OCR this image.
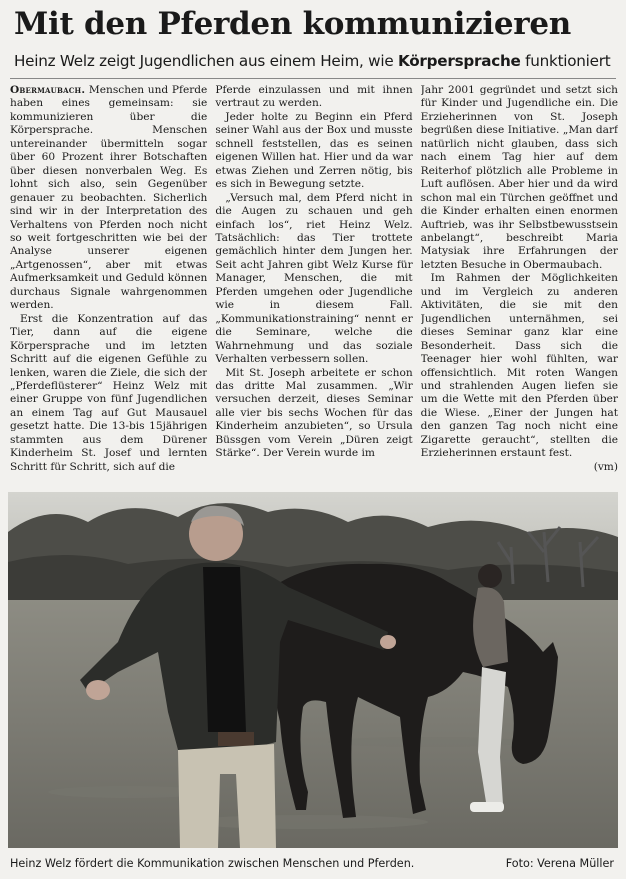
Mit den Pferden kommunizieren
Heinz Welz zeigt Jugendlichen aus einem Heim, wie Körpersprache funktioniert

Obermaubach. Menschen und Pferde haben eines gemeinsam: sie kommunizieren über die Körpersprache. Menschen untereinander übermitteln sogar über 60 Prozent ihrer Botschaften über diesen nonverbalen Weg. Es lohnt sich also, sein Gegenüber genauer zu beobachten. Sicherlich sind wir in der Interpretation des Verhaltens von Pferden noch nicht so weit fortgeschritten wie bei der Analyse unserer eigenen „Artgenossen“, aber mit etwas Aufmerksamkeit und Geduld können durchaus Signale wahrgenommen werden.

Erst die Konzentration auf das Tier, dann auf die eigene Körpersprache und im letzten Schritt auf die eigenen Gefühle zu lenken, waren die Ziele, die sich der „Pferdeflüsterer“ Heinz Welz mit einer Gruppe von fünf Jugendlichen an einem Tag auf Gut Mausauel gesetzt hatte. Die 13-bis 15jährigen stammten aus dem Dürener Kinderheim St. Josef und lernten Schritt für Schritt, sich auf die

Pferde einzulassen und mit ihnen vertraut zu werden.

Jeder holte zu Beginn ein Pferd seiner Wahl aus der Box und musste schnell feststellen, das es seinen eigenen Willen hat. Hier und da war etwas Ziehen und Zerren nötig, bis es sich in Bewegung setzte.

„Versuch mal, dem Pferd nicht in die Augen zu schauen und geh einfach los“, riet Heinz Welz. Tatsächlich: das Tier trottete gemächlich hinter dem Jungen her. Seit acht Jahren gibt Welz Kurse für Manager, Menschen, die mit Pferden umgehen oder Jugendliche wie in diesem Fall. „Kommunikationstraining“ nennt er die Seminare, welche die Wahrnehmung und das soziale Verhalten verbessern sollen.

Mit St. Joseph arbeitete er schon das dritte Mal zusammen. „Wir versuchen derzeit, dieses Seminar alle vier bis sechs Wochen für das Kinderheim anzubieten“, so Ursula Büssgen vom Verein „Düren zeigt Stärke“. Der Verein wurde im

Jahr 2001 gegründet und setzt sich für Kinder und Jugendliche ein. Die Erzieherinnen von St. Joseph begrüßen diese Initiative. „Man darf natürlich nicht glauben, dass sich nach einem Tag hier auf dem Reiterhof plötzlich alle Probleme in Luft auflösen. Aber hier und da wird schon mal ein Türchen geöffnet und die Kinder erhalten einen enormen Auftrieb, was ihr Selbstbewusstsein anbelangt“, beschreibt Maria Matysiak ihre Erfahrungen der letzten Besuche in Obermaubach.

Im Rahmen der Möglichkeiten und im Vergleich zu anderen Aktivitäten, die sie mit den Jugendlichen unternähmen, sei dieses Seminar ganz klar eine Besonderheit. Dass sich die Teenager hier wohl fühlten, war offensichtlich. Mit roten Wangen und strahlenden Augen liefen sie um die Wette mit den Pferden über die Wiese. „Einer der Jungen hat den ganzen Tag noch nicht eine Zigarette geraucht“, stellten die Erzieherinnen erstaunt fest.

(vm)

Heinz Welz fördert die Kommunikation zwischen Menschen und Pferden.	Foto: Verena Müller
